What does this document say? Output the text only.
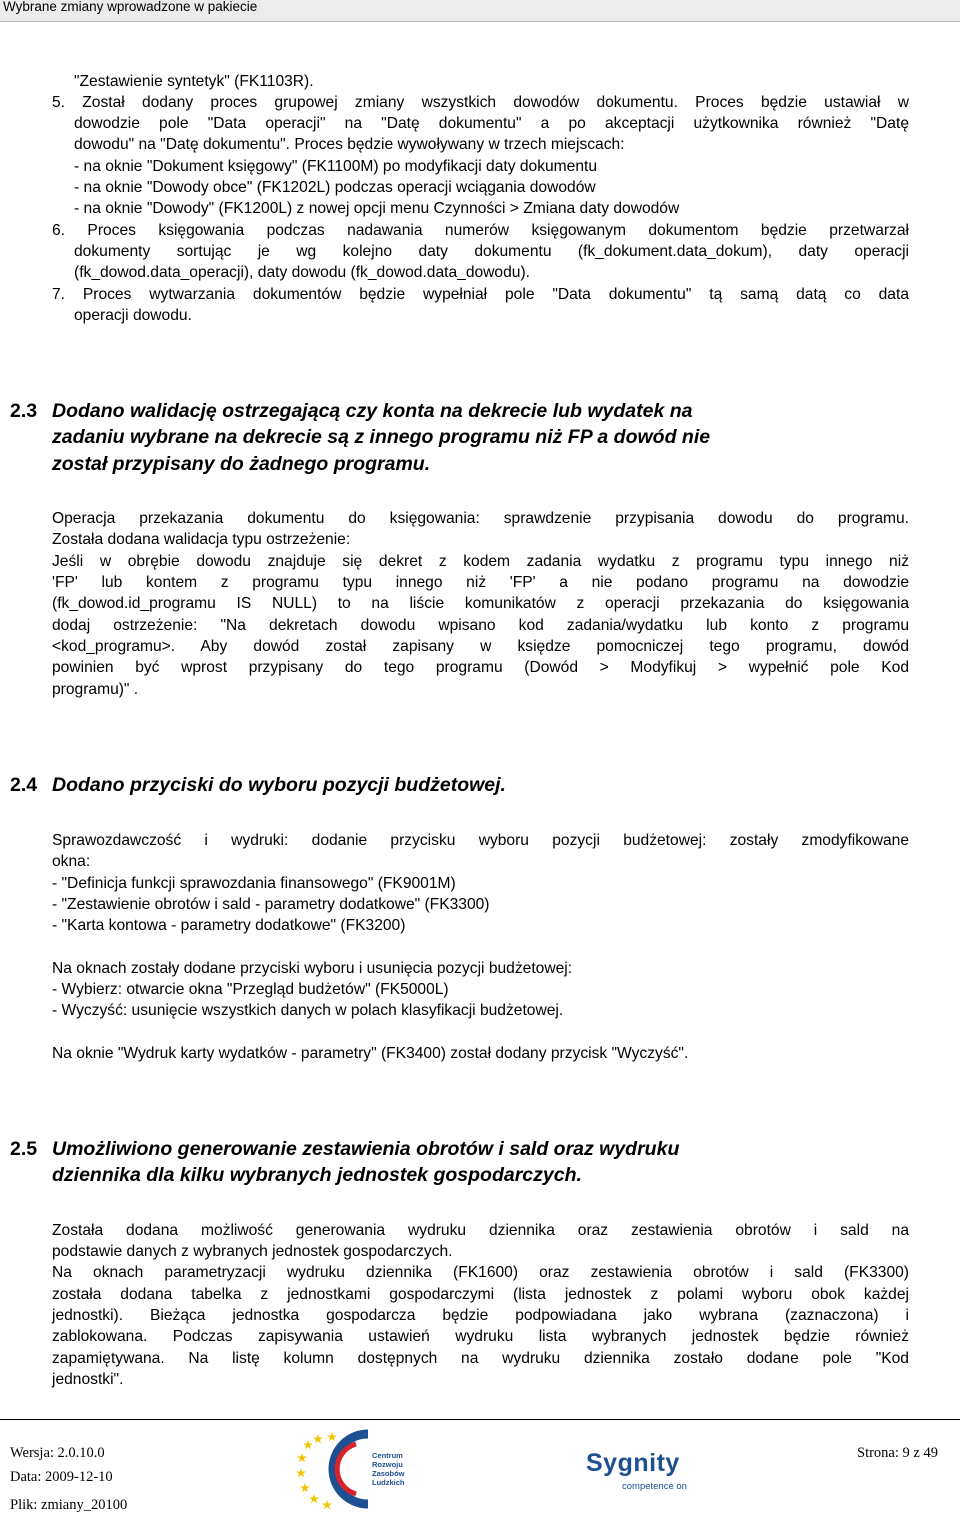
Wybrane zmiany wprowadzone w pakiecie
"Zestawienie syntetyk" (FK1103R).
5. Został dodany proces grupowej zmiany wszystkich dowodów dokumentu. Proces będzie ustawiał w
dowodzie pole "Data operacji" na "Datę dokumentu" a po akceptacji użytkownika również "Datę
dowodu" na "Datę dokumentu". Proces będzie wywoływany w trzech miejscach:
- na oknie "Dokument księgowy" (FK1100M) po modyfikacji daty dokumentu
- na oknie "Dowody obce" (FK1202L) podczas operacji wciągania dowodów
- na oknie "Dowody" (FK1200L) z nowej opcji menu Czynności > Zmiana daty dowodów
6. Proces księgowania podczas nadawania numerów księgowanym dokumentom będzie przetwarzał
dokumenty sortując je wg kolejno daty dokumentu (fk_dokument.data_dokum), daty operacji
(fk_dowod.data_operacji), daty dowodu (fk_dowod.data_dowodu).
7. Proces wytwarzania dokumentów będzie wypełniał pole "Data dokumentu" tą samą datą co data
operacji dowodu.
2.3 Dodano walidację ostrzegającą czy konta na dekrecie lub wydatek na
zadaniu wybrane na dekrecie są z innego programu niż FP a dowód nie
został przypisany do żadnego programu.
Operacja przekazania dokumentu do księgowania: sprawdzenie przypisania dowodu do programu.
Została dodana walidacja typu ostrzeżenie:
Jeśli w obrębie dowodu znajduje się dekret z kodem zadania wydatku z programu typu innego niż
'FP' lub kontem z programu typu innego niż 'FP' a nie podano programu na dowodzie
(fk_dowod.id_programu IS NULL) to na liście komunikatów z operacji przekazania do księgowania
dodaj ostrzeżenie: "Na dekretach dowodu wpisano kod zadania/wydatku lub konto z programu
<kod_programu>. Aby dowód został zapisany w księdze pomocniczej tego programu, dowód
powinien być wprost przypisany do tego programu (Dowód > Modyfikuj > wypełnić pole Kod
programu)" .
2.4 Dodano przyciski do wyboru pozycji budżetowej.
Sprawozdawczość i wydruki: dodanie przycisku wyboru pozycji budżetowej: zostały zmodyfikowane
okna:
- "Definicja funkcji sprawozdania finansowego" (FK9001M)
- "Zestawienie obrotów i sald - parametry dodatkowe" (FK3300)
- "Karta kontowa - parametry dodatkowe" (FK3200)
Na oknach zostały dodane przyciski wyboru i usunięcia pozycji budżetowej:
- Wybierz: otwarcie okna "Przegląd budżetów" (FK5000L)
- Wyczyść: usunięcie wszystkich danych w polach klasyfikacji budżetowej.
Na oknie "Wydruk karty wydatków - parametry" (FK3400) został dodany przycisk "Wyczyść".
2.5 Umożliwiono generowanie zestawienia obrotów i sald oraz wydruku
dziennika dla kilku wybranych jednostek gospodarczych.
Została dodana możliwość generowania wydruku dziennika oraz zestawienia obrotów i sald na
podstawie danych z wybranych jednostek gospodarczych.
Na oknach parametryzacji wydruku dziennika (FK1600) oraz zestawienia obrotów i sald (FK3300)
została dodana tabelka z jednostkami gospodarczymi (lista jednostek z polami wyboru obok każdej
jednostki). Bieżąca jednostka gospodarcza będzie podpowiadana jako wybrana (zaznaczona) i
zablokowana. Podczas zapisywania ustawień wydruku lista wybranych jednostek będzie również
zapamiętywana. Na listę kolumn dostępnych na wydruku dziennika zostało dodane pole "Kod
jednostki".
Wersja: 2.0.10.0
Data: 2009-12-10
Plik: zmiany_20100
Strona: 9 z 49
Centrum
Rozwoju
Zasobów
Ludzkich
Sygnity
competence on
